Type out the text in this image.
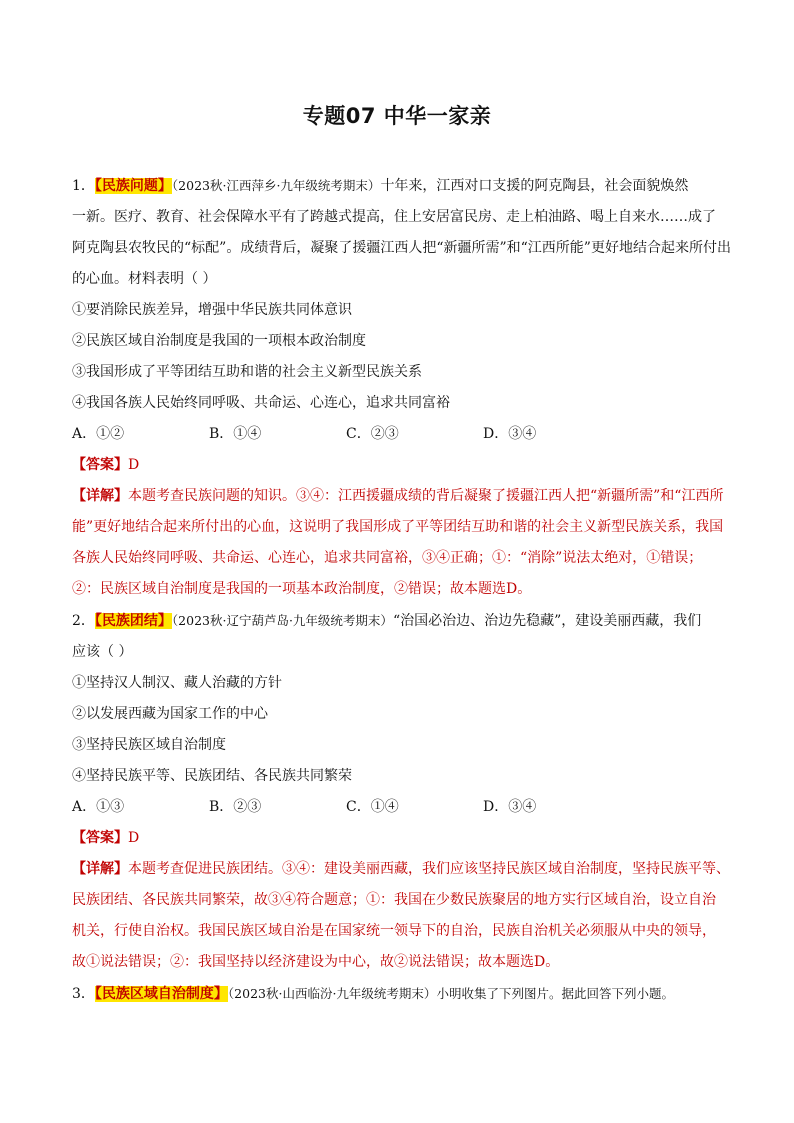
专题07 中华一家亲
1．【民族问题】（2023秋·江西萍乡·九年级统考期末）十年来，江西对口支援的阿克陶县，社会面貌焕然
一新。医疗、教育、社会保障水平有了跨越式提高，住上安居富民房、走上柏油路、喝上自来水……成了
阿克陶县农牧民的“标配”。成绩背后，凝聚了援疆江西人把“新疆所需”和“江西所能”更好地结合起来所付出
的心血。材料表明（ ）
①要消除民族差异，增强中华民族共同体意识
②民族区域自治制度是我国的一项根本政治制度
③我国形成了平等团结互助和谐的社会主义新型民族关系
④我国各族人民始终同呼吸、共命运、心连心，追求共同富裕
A．①②	B．①④	C．②③	D．③④
【答案】D
【详解】本题考查民族问题的知识。③④：江西援疆成绩的背后凝聚了援疆江西人把“新疆所需”和“江西所
能”更好地结合起来所付出的心血，这说明了我国形成了平等团结互助和谐的社会主义新型民族关系，我国
各族人民始终同呼吸、共命运、心连心，追求共同富裕，③④正确；①：“消除”说法太绝对，①错误；
②：民族区域自治制度是我国的一项基本政治制度，②错误；故本题选D。
2．【民族团结】（2023秋·辽宁葫芦岛·九年级统考期末）“治国必治边、治边先稳藏”，建设美丽西藏，我们
应该（ ）
①坚持汉人制汉、藏人治藏的方针
②以发展西藏为国家工作的中心
③坚持民族区域自治制度
④坚持民族平等、民族团结、各民族共同繁荣
A．①③	B．②③	C．①④	D．③④
【答案】D
【详解】本题考查促进民族团结。③④：建设美丽西藏，我们应该坚持民族区域自治制度，坚持民族平等、
民族团结、各民族共同繁荣，故③④符合题意；①：我国在少数民族聚居的地方实行区域自治，设立自治
机关，行使自治权。我国民族区域自治是在国家统一领导下的自治，民族自治机关必须服从中央的领导，
故①说法错误；②：我国坚持以经济建设为中心，故②说法错误；故本题选D。
3．【民族区域自治制度】（2023秋·山西临汾·九年级统考期末）小明收集了下列图片。据此回答下列小题。
